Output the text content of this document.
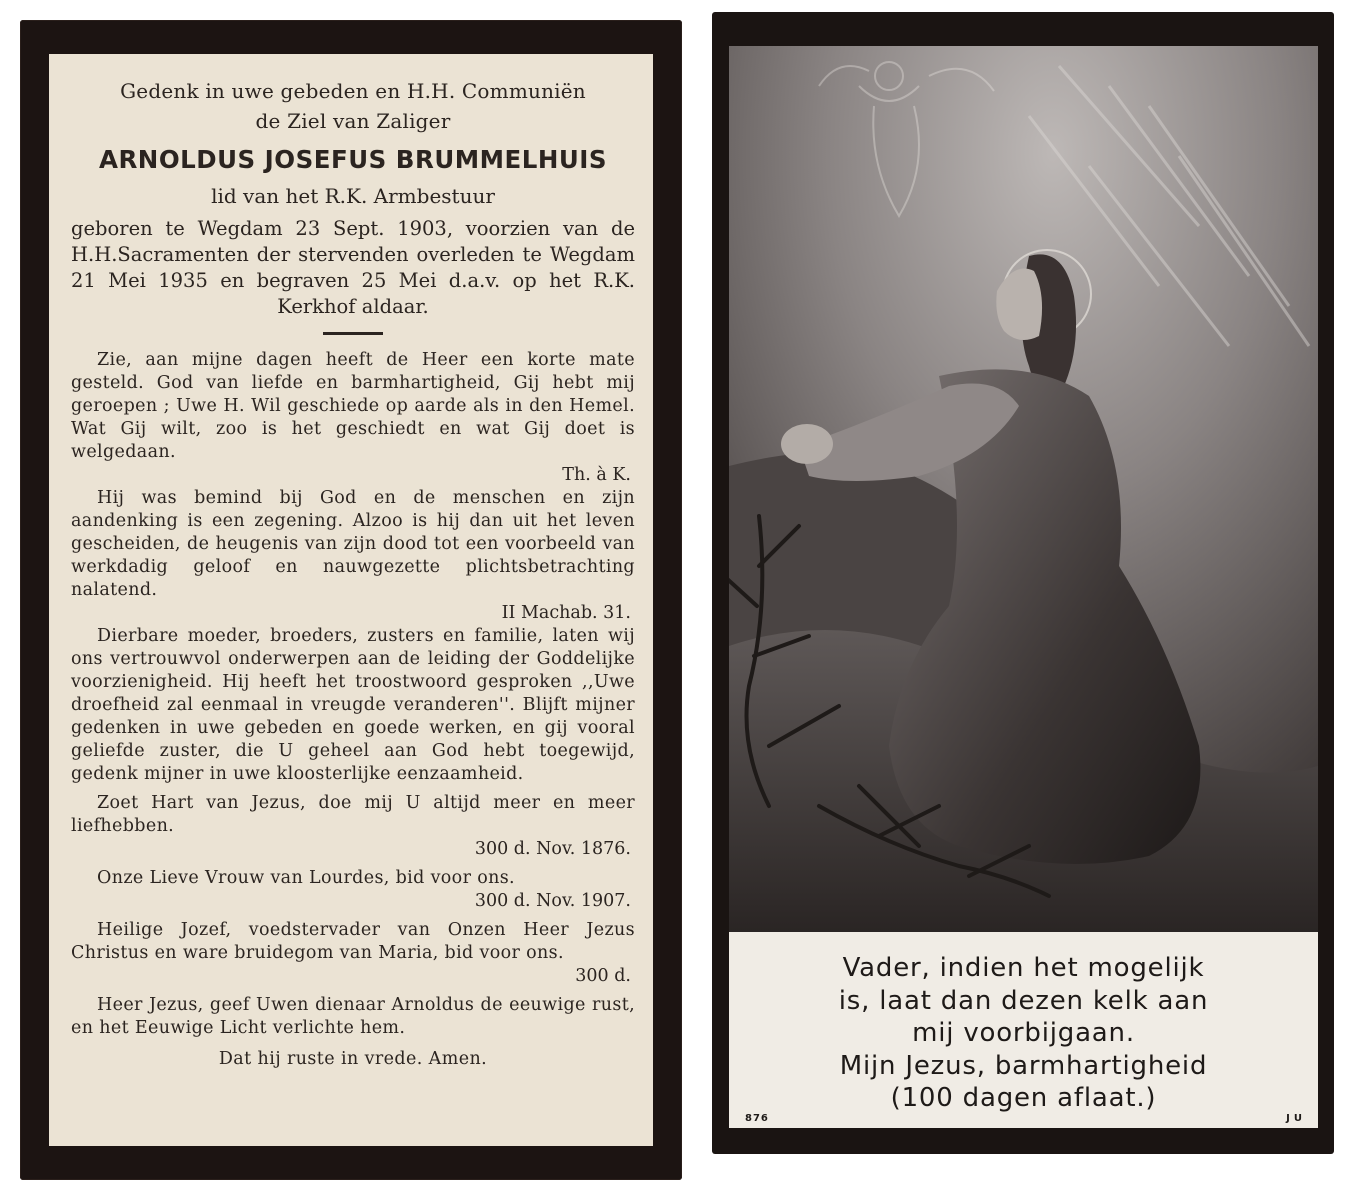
Gedenk in uwe gebeden en H.H. Communiën
de Ziel van Zaliger
ARNOLDUS JOSEFUS BRUMMELHUIS
lid van het R.K. Armbestuur
geboren te Wegdam 23 Sept. 1903, voorzien van de H.H.Sacramenten der stervenden overleden te Wegdam 21 Mei 1935 en begraven 25 Mei d.a.v. op het R.K. Kerkhof aldaar.

Zie, aan mijne dagen heeft de Heer een korte mate gesteld. God van liefde en barmhartigheid, Gij hebt mij geroepen ; Uwe H. Wil geschiede op aarde als in den Hemel. Wat Gij wilt, zoo is het geschiedt en wat Gij doet is welgedaan.

Th. à K.

Hij was bemind bij God en de menschen en zijn aandenking is een zegening. Alzoo is hij dan uit het leven gescheiden, de heugenis van zijn dood tot een voorbeeld van werkdadig geloof en nauwgezette plichtsbetrachting nalatend.

II Machab. 31.

Dierbare moeder, broeders, zusters en familie, laten wij ons vertrouwvol onderwerpen aan de leiding der Goddelijke voorzienigheid. Hij heeft het troostwoord gesproken ,,Uwe droefheid zal eenmaal in vreugde veranderen''. Blijft mijner gedenken in uwe gebeden en goede werken, en gij vooral geliefde zuster, die U geheel aan God hebt toegewijd, gedenk mijner in uwe kloosterlijke eenzaamheid.

Zoet Hart van Jezus, doe mij U altijd meer en meer liefhebben.

300 d. Nov. 1876.

Onze Lieve Vrouw van Lourdes, bid voor ons.

300 d. Nov. 1907.

Heilige Jozef, voedstervader van Onzen Heer Jezus Christus en ware bruidegom van Maria, bid voor ons.

300 d.

Heer Jezus, geef Uwen dienaar Arnoldus de eeuwige rust, en het Eeuwige Licht verlichte hem.

Dat hij ruste in vrede. Amen.
Vader, indien het mogelijk
is, laat dan dezen kelk aan
mij voorbijgaan.
Mijn Jezus, barmhartigheid
(100 dagen aflaat.)
876	JU
